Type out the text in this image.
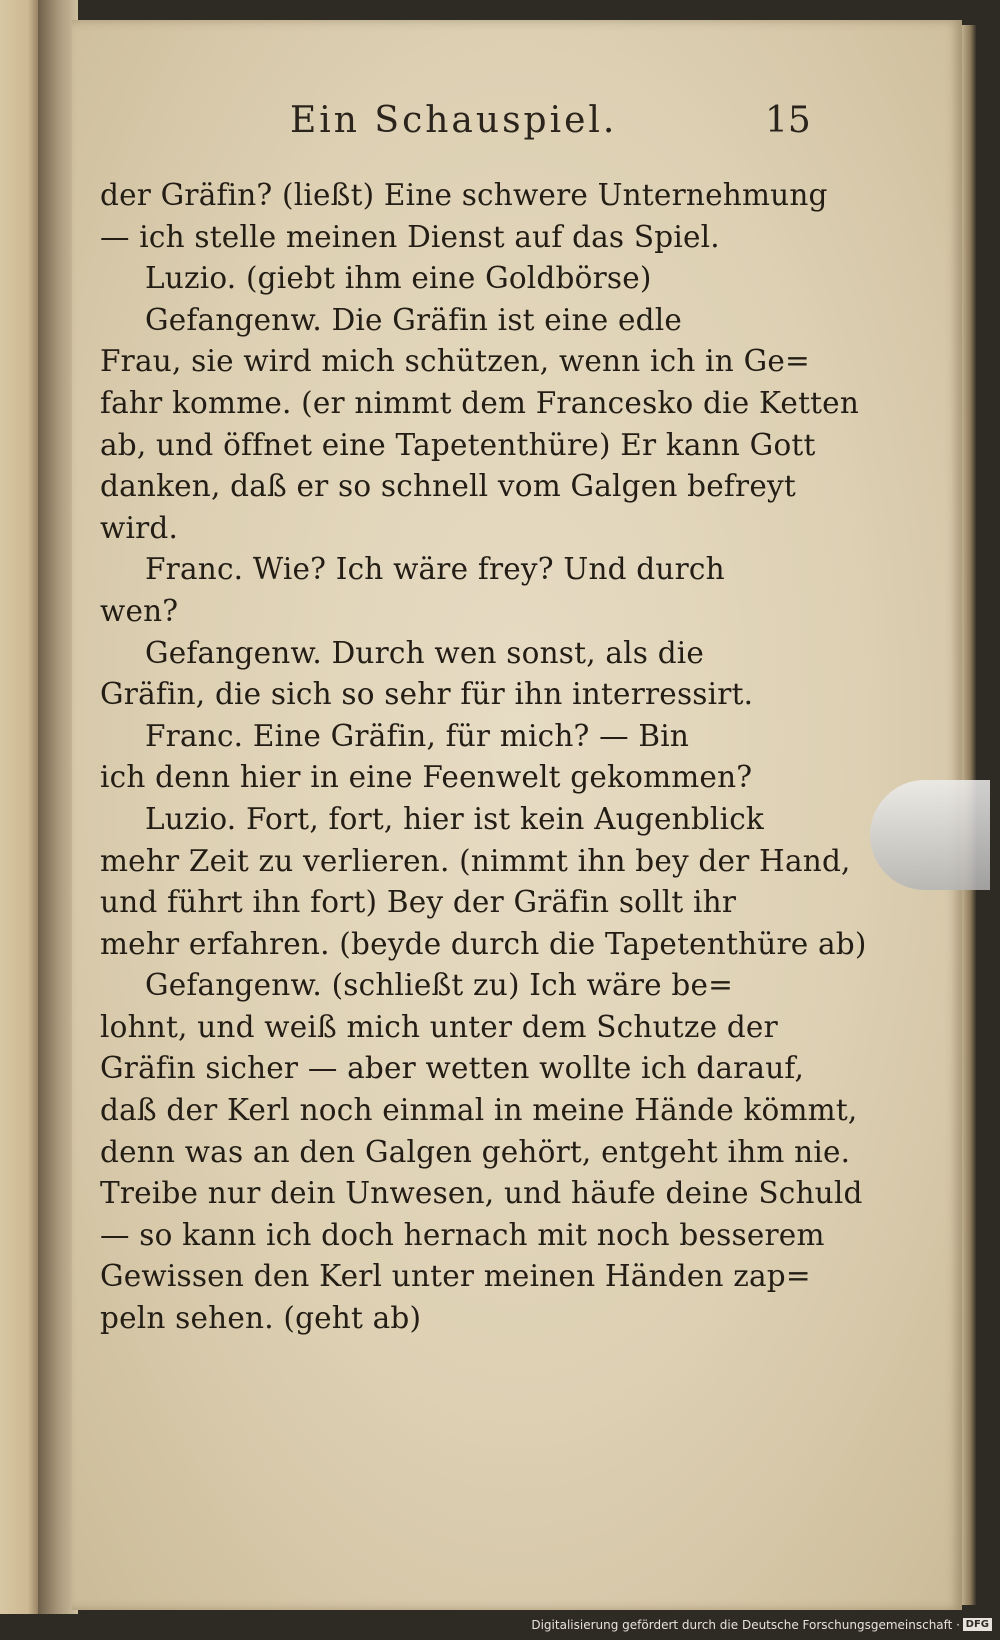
Ein Schauspiel.	15
der Gräfin? (ließt) Eine schwere Unternehmung
— ich stelle meinen Dienst auf das Spiel.
Luzio. (giebt ihm eine Goldbörse)
Gefangenw. Die Gräfin ist eine edle
Frau, sie wird mich schützen, wenn ich in Ge=
fahr komme. (er nimmt dem Francesko die Ketten
ab, und öffnet eine Tapetenthüre) Er kann Gott
danken, daß er so schnell vom Galgen befreyt
wird.
Franc. Wie? Ich wäre frey? Und durch
wen?
Gefangenw. Durch wen sonst, als die
Gräfin, die sich so sehr für ihn interressirt.
Franc. Eine Gräfin, für mich? — Bin
ich denn hier in eine Feenwelt gekommen?
Luzio. Fort, fort, hier ist kein Augenblick
mehr Zeit zu verlieren. (nimmt ihn bey der Hand,
und führt ihn fort) Bey der Gräfin sollt ihr
mehr erfahren. (beyde durch die Tapetenthüre ab)
Gefangenw. (schließt zu) Ich wäre be=
lohnt, und weiß mich unter dem Schutze der
Gräfin sicher — aber wetten wollte ich darauf,
daß der Kerl noch einmal in meine Hände kömmt,
denn was an den Galgen gehört, entgeht ihm nie.
Treibe nur dein Unwesen, und häufe deine Schuld
— so kann ich doch hernach mit noch besserem
Gewissen den Kerl unter meinen Händen zap=
peln sehen. (geht ab)
Digitalisierung gefördert durch die Deutsche Forschungsgemeinschaft · DFG
